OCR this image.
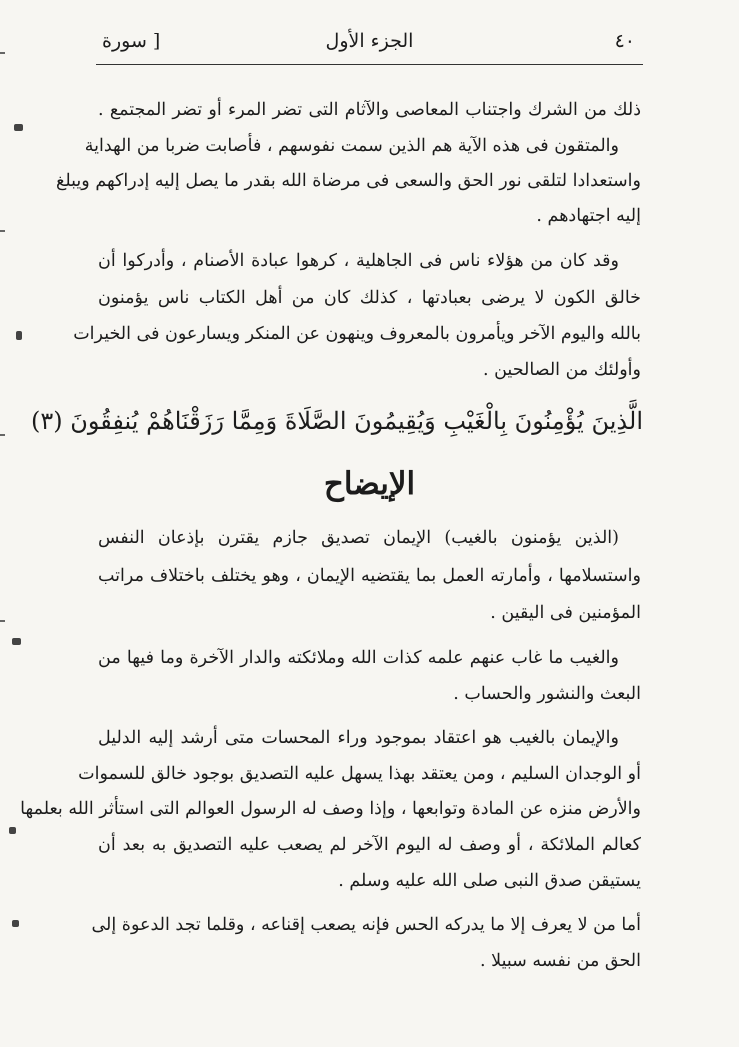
٤٠
الجزء الأول
[ سورة
ذلك من الشرك واجتناب المعاصى والآثام التى تضر المرء أو تضر المجتمع .
والمتقون فى هذه الآية هم الذين سمت نفوسهم ، فأصابت ضربا من الهداية
واستعدادا لتلقى نور الحق والسعى فى مرضاة الله بقدر ما يصل إليه إدراكهم ويبلغ
إليه اجتهادهم .
وقد كان من هؤلاء ناس فى الجاهلية ، كرهوا عبادة الأصنام ، وأدركوا أن
خالق الكون لا يرضى بعبادتها ، كذلك كان من أهل الكتاب ناس يؤمنون
بالله واليوم الآخر ويأمرون بالمعروف وينهون عن المنكر ويسارعون فى الخيرات
وأولئك من الصالحين .
الَّذِينَ يُؤْمِنُونَ بِالْغَيْبِ وَيُقِيمُونَ الصَّلَاةَ وَمِمَّا رَزَقْنَاهُمْ يُنفِقُونَ (٣)
الإيضاح
(الذين يؤمنون بالغيب) الإيمان تصديق جازم يقترن بإذعان النفس
واستسلامها ، وأمارته العمل بما يقتضيه الإيمان ، وهو يختلف باختلاف مراتب
المؤمنين فى اليقين .
والغيب ما غاب عنهم علمه كذات الله وملائكته والدار الآخرة وما فيها من
البعث والنشور والحساب .
والإيمان بالغيب هو اعتقاد بموجود وراء المحسات متى أرشد إليه الدليل
أو الوجدان السليم ، ومن يعتقد بهذا يسهل عليه التصديق بوجود خالق للسموات
والأرض منزه عن المادة وتوابعها ، وإذا وصف له الرسول العوالم التى استأثر الله بعلمها
كعالم الملائكة ، أو وصف له اليوم الآخر لم يصعب عليه التصديق به بعد أن
يستيقن صدق النبى صلى الله عليه وسلم .
أما من لا يعرف إلا ما يدركه الحس فإنه يصعب إقناعه ، وقلما تجد الدعوة إلى
الحق من نفسه سبيلا .
